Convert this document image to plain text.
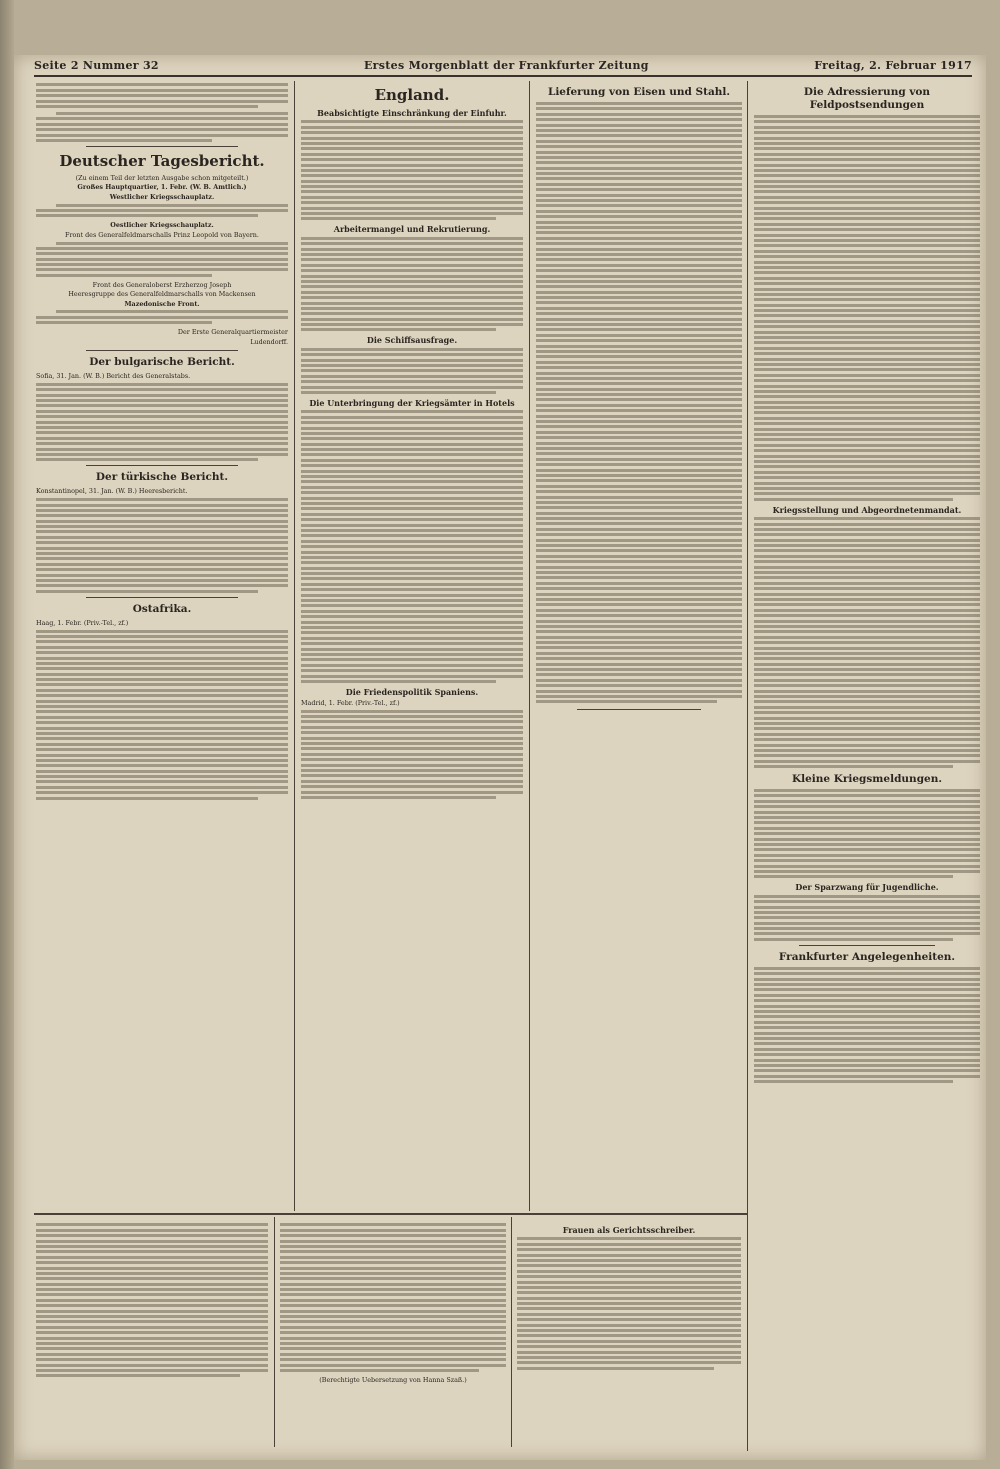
Seite 2 Nummer 32	Erstes Morgenblatt der Frankfurter Zeitung	Freitag, 2. Februar 1917
Deutscher Tagesbericht.
(Zu einem Teil der letzten Ausgabe schon mitgeteilt.)
Großes Hauptquartier, 1. Febr. (W. B. Amtlich.)
Westlicher Kriegsschauplatz.
Oestlicher Kriegsschauplatz.
Front des Generalfeldmarschalls Prinz Leopold von Bayern.
Front des Generaloberst Erzherzog Joseph
Heeresgruppe des Generalfeldmarschalls von Mackensen
Mazedonische Front.
Der Erste Generalquartiermeister
Ludendorff.
Der bulgarische Bericht.
Sofia, 31. Jan. (W. B.) Bericht des Generalstabs.
Der türkische Bericht.
Konstantinopel, 31. Jan. (W. B.) Heeresbericht.
Ostafrika.
Haag, 1. Febr. (Priv.-Tel., zf.)
England.
Beabsichtigte Einschränkung der Einfuhr.
Arbeitermangel und Rekrutierung.
Die Schiffsausfrage.
Die Unterbringung der Kriegsämter in Hotels
Die Friedenspolitik Spaniens.
Madrid, 1. Febr. (Priv.-Tel., zf.)
Lieferung von Eisen und Stahl.	Die Adressierung von Feldpostsendungen
Kriegsstellung und Abgeordnetenmandat.
Kleine Kriegsmeldungen.
Der Sparzwang für Jugendliche.
Frankfurter Angelegenheiten.
(Berechtigte Uebersetzung von Hanna Szaß.)
Frauen als Gerichtsschreiber.
